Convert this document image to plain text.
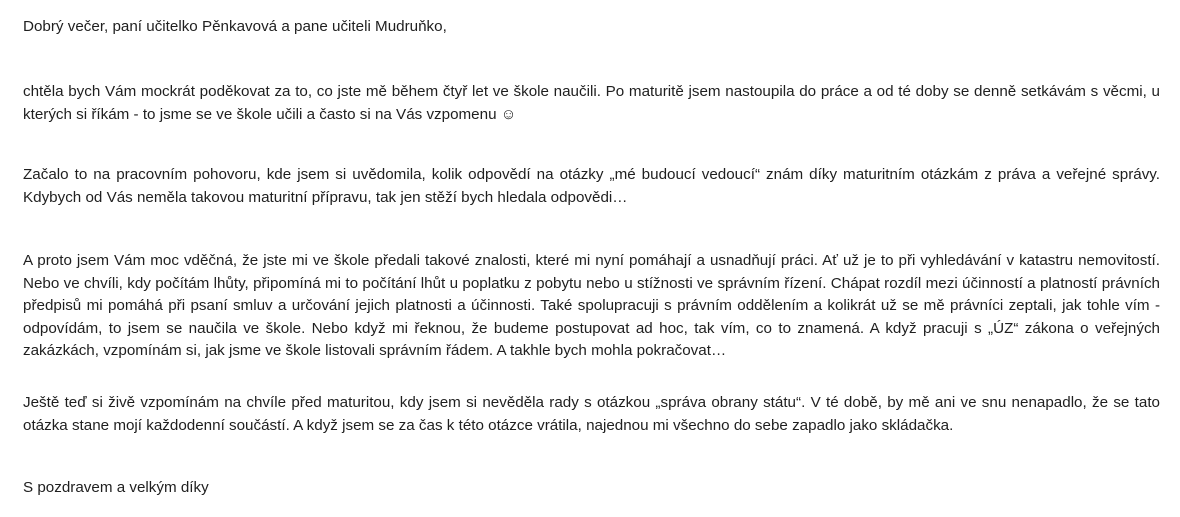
Dobrý večer, paní učitelko Pěnkavová a pane učiteli Mudruňko,

chtěla bych Vám mockrát poděkovat za to, co jste mě během čtyř let ve škole naučili. Po maturitě jsem nastoupila do práce a od té doby se denně setkávám s věcmi, u kterých si říkám - to jsme se ve škole učili a často si na Vás vzpomenu ☺

Začalo to na pracovním pohovoru, kde jsem si uvědomila, kolik odpovědí na otázky „mé budoucí vedoucí“ znám díky maturitním otázkám z práva a veřejné správy. Kdybych od Vás neměla takovou maturitní přípravu, tak jen stěží bych hledala odpovědi…

A proto jsem Vám moc vděčná, že jste mi ve škole předali takové znalosti, které mi nyní pomáhají a usnadňují práci. Ať už je to při vyhledávání v katastru nemovitostí. Nebo ve chvíli, kdy počítám lhůty, připomíná mi to počítání lhůt u poplatku z pobytu nebo u stížnosti ve správním řízení. Chápat rozdíl mezi účinností a platností právních předpisů mi pomáhá při psaní smluv a určování jejich platnosti a účinnosti. Také spolupracuji s právním oddělením a kolikrát už se mě právníci zeptali, jak tohle vím - odpovídám, to jsem se naučila ve škole. Nebo když mi řeknou, že budeme postupovat ad hoc, tak vím, co to znamená. A když pracuji s „ÚZ“ zákona o veřejných zakázkách, vzpomínám si, jak jsme ve škole listovali správním řádem. A takhle bych mohla pokračovat…

Ještě teď si živě vzpomínám na chvíle před maturitou, kdy jsem si nevěděla rady s otázkou „správa obrany státu“. V té době, by mě ani ve snu nenapadlo, že se tato otázka stane mojí každodenní součástí. A když jsem se za čas k této otázce vrátila, najednou mi všechno do sebe zapadlo jako skládačka.

S pozdravem a velkým díky
